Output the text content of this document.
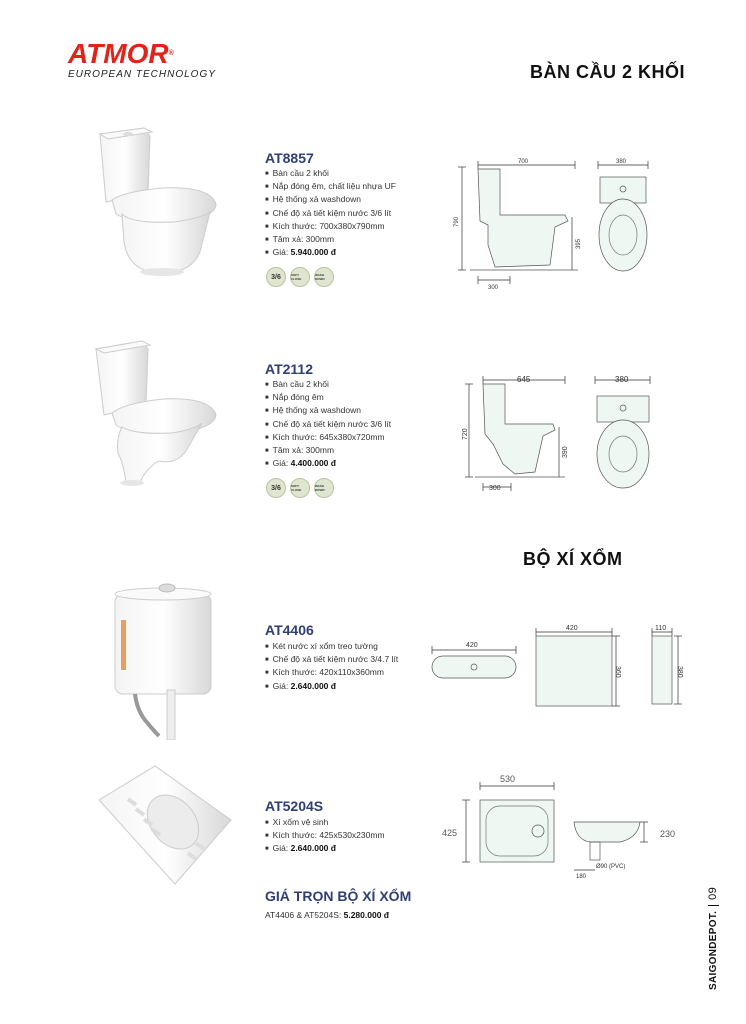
ATMOR®
EUROPEAN TECHNOLOGY	BÀN CẦU 2 KHỐI
BỘ XÍ XỔM
AT8857
■ Bàn cầu 2 khối
■ Nắp đóng êm, chất liệu nhựa UF
■ Hệ thống xả washdown
■ Chế độ xả tiết kiệm nước 3/6 lít
■ Kích thước: 700x380x790mm
■ Tâm xả: 300mm
■ Giá: 5.940.000 đ
3/6	SOFT CLOSE
WASH DOWN
700	380
790
395
300
AT2112
■ Bàn cầu 2 khối
■ Nắp đóng êm
■ Hệ thống xả washdown
■ Chế độ xả tiết kiệm nước 3/6 lít
■ Kích thước: 645x380x720mm
■ Tâm xả: 300mm
■ Giá: 4.400.000 đ
3/6	SOFT CLOSE
WASH DOWN
645	380
720
390
300
AT4406
■ Két nước xí xổm treo tường
■ Chế độ xả tiết kiệm nước 3/4.7 lít
■ Kích thước: 420x110x360mm
■ Giá: 2.640.000 đ
420
420
360
110
380
AT5204S
■ Xí xổm vệ sinh
■ Kích thước: 425x530x230mm
■ Giá: 2.640.000 đ
530
425	230
Ø90 (PVC)
180
GIÁ TRỌN BỘ XÍ XỔM
AT4406 & AT5204S: 5.280.000 đ	SAIGONDEPOT.09
